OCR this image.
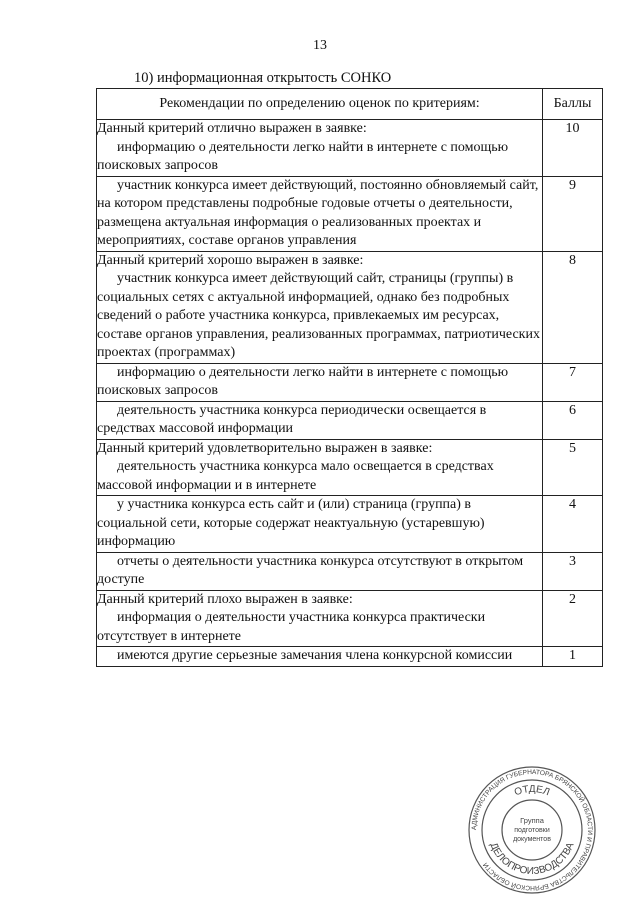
13
10) информационная открытость СОНКО
Рекомендации по определению оценок по критериям:	Баллы

Данный критерий отлично выражен в заявке:
информацию о деятельности легко найти в интернете с помощью поисковых запросов	10

участник конкурса имеет действующий, постоянно обновляемый сайт, на котором представлены подробные годовые отчеты о деятельности, размещена актуальная информация о реализованных проектах и мероприятиях, составе органов управления	9

Данный критерий хорошо выражен в заявке:
участник конкурса имеет действующий сайт, страницы (группы) в социальных сетях с актуальной информацией, однако без подробных сведений о работе участника конкурса, привлекаемых им ресурсах, составе органов управления, реализованных программах, патриотических проектах (программах)	8

информацию о деятельности легко найти в интернете с помощью поисковых запросов	7

деятельность участника конкурса периодически освещается в средствах массовой информации	6

Данный критерий удовлетворительно выражен в заявке:
деятельность участника конкурса мало освещается в средствах массовой информации и в интернете	5

у участника конкурса есть сайт и (или) страница (группа) в социальной сети, которые содержат неактуальную (устаревшую) информацию	4

отчеты о деятельности участника конкурса отсутствуют в открытом доступе	3

Данный критерий плохо выражен в заявке:
информация о деятельности участника конкурса практически отсутствует в интернете	2

имеются другие серьезные замечания члена конкурсной комиссии	1
АДМИНИСТРАЦИЯ ГУБЕРНАТОРА БРЯНСКОЙ ОБЛАСТИ И ПРАВИТЕЛЬСТВА БРЯНСКОЙ ОБЛАСТИ
ОТДЕЛ
ДЕЛОПРОИЗВОДСТВА
Группа
подготовки
документов
